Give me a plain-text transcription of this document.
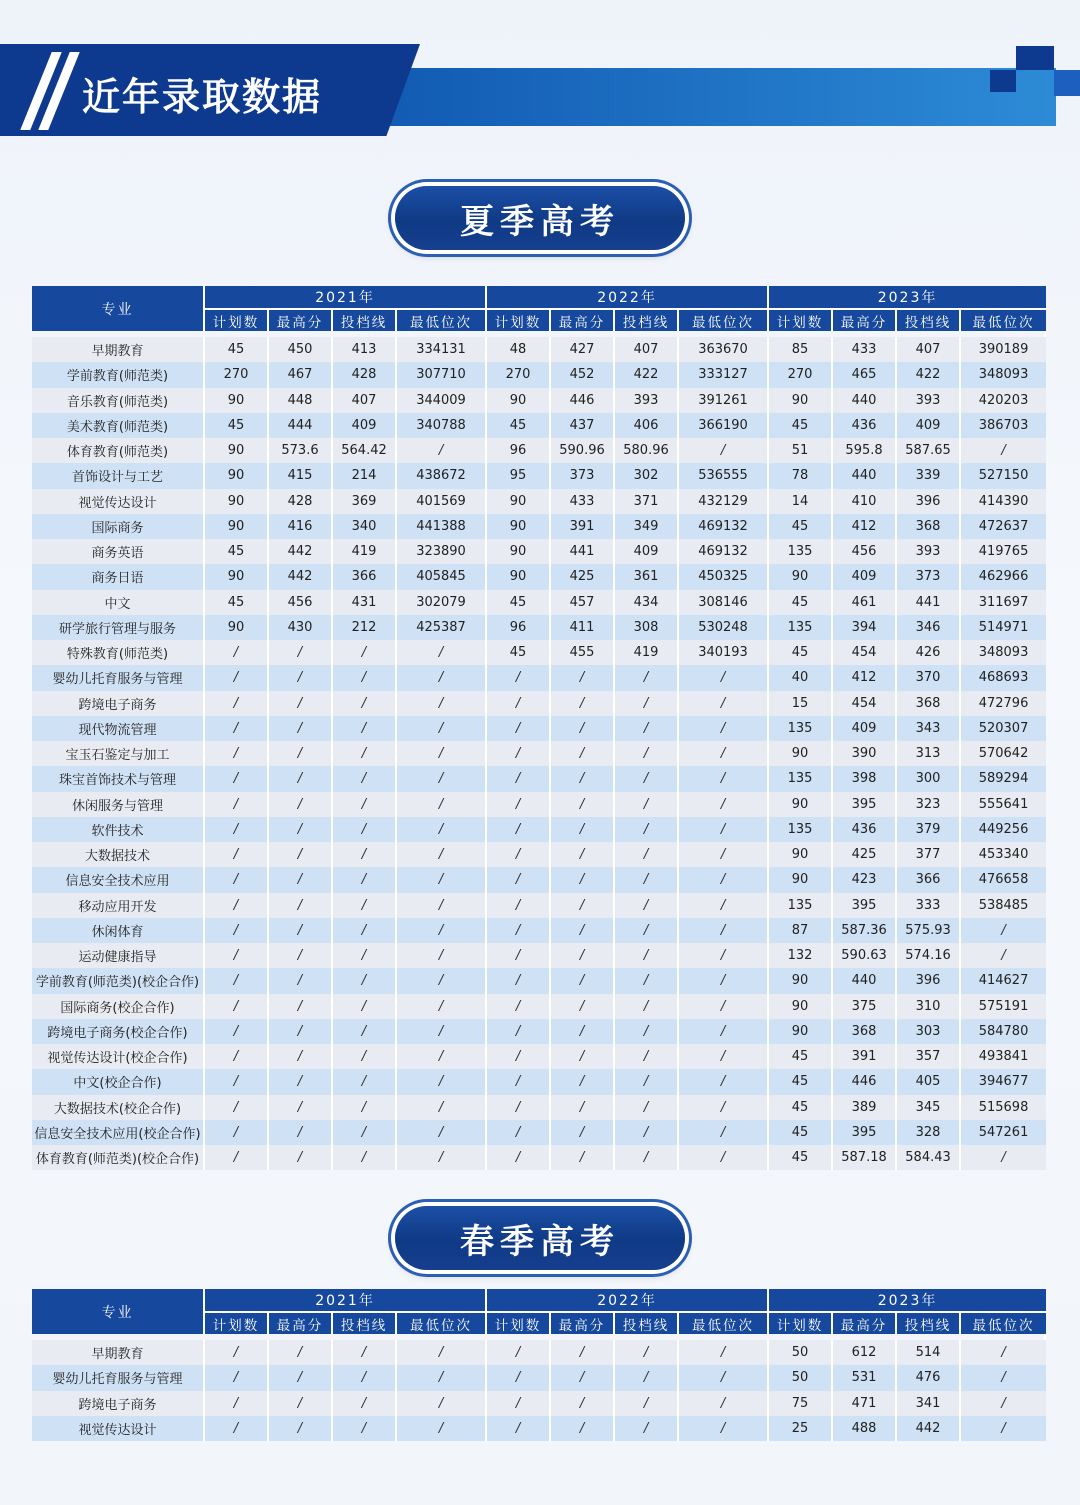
近年录取数据
夏季高考
专业	2021年				2022年				2023年			
	计划数	最高分	投档线	最低位次	计划数	最高分	投档线	最低位次	计划数	最高分	投档线	最低位次

早期教育	45	450	413	334131	48	427	407	363670	85	433	407	390189
学前教育(师范类)	270	467	428	307710	270	452	422	333127	270	465	422	348093
音乐教育(师范类)	90	448	407	344009	90	446	393	391261	90	440	393	420203
美术教育(师范类)	45	444	409	340788	45	437	406	366190	45	436	409	386703
体育教育(师范类)	90	573.6	564.42	/	96	590.96	580.96	/	51	595.8	587.65	/
首饰设计与工艺	90	415	214	438672	95	373	302	536555	78	440	339	527150
视觉传达设计	90	428	369	401569	90	433	371	432129	14	410	396	414390
国际商务	90	416	340	441388	90	391	349	469132	45	412	368	472637
商务英语	45	442	419	323890	90	441	409	469132	135	456	393	419765
商务日语	90	442	366	405845	90	425	361	450325	90	409	373	462966
中文	45	456	431	302079	45	457	434	308146	45	461	441	311697
研学旅行管理与服务	90	430	212	425387	96	411	308	530248	135	394	346	514971
特殊教育(师范类)	/	/	/	/	45	455	419	340193	45	454	426	348093
婴幼儿托育服务与管理	/	/	/	/	/	/	/	/	40	412	370	468693
跨境电子商务	/	/	/	/	/	/	/	/	15	454	368	472796
现代物流管理	/	/	/	/	/	/	/	/	135	409	343	520307
宝玉石鉴定与加工	/	/	/	/	/	/	/	/	90	390	313	570642
珠宝首饰技术与管理	/	/	/	/	/	/	/	/	135	398	300	589294
休闲服务与管理	/	/	/	/	/	/	/	/	90	395	323	555641
软件技术	/	/	/	/	/	/	/	/	135	436	379	449256
大数据技术	/	/	/	/	/	/	/	/	90	425	377	453340
信息安全技术应用	/	/	/	/	/	/	/	/	90	423	366	476658
移动应用开发	/	/	/	/	/	/	/	/	135	395	333	538485
休闲体育	/	/	/	/	/	/	/	/	87	587.36	575.93	/
运动健康指导	/	/	/	/	/	/	/	/	132	590.63	574.16	/
学前教育(师范类)(校企合作)	/	/	/	/	/	/	/	/	90	440	396	414627
国际商务(校企合作)	/	/	/	/	/	/	/	/	90	375	310	575191
跨境电子商务(校企合作)	/	/	/	/	/	/	/	/	90	368	303	584780
视觉传达设计(校企合作)	/	/	/	/	/	/	/	/	45	391	357	493841
中文(校企合作)	/	/	/	/	/	/	/	/	45	446	405	394677
大数据技术(校企合作)	/	/	/	/	/	/	/	/	45	389	345	515698
信息安全技术应用(校企合作)	/	/	/	/	/	/	/	/	45	395	328	547261
体育教育(师范类)(校企合作)	/	/	/	/	/	/	/	/	45	587.18	584.43	/
春季高考
专业	2021年				2022年				2023年			
	计划数	最高分	投档线	最低位次	计划数	最高分	投档线	最低位次	计划数	最高分	投档线	最低位次

早期教育	/	/	/	/	/	/	/	/	50	612	514	/
婴幼儿托育服务与管理	/	/	/	/	/	/	/	/	50	531	476	/
跨境电子商务	/	/	/	/	/	/	/	/	75	471	341	/
视觉传达设计	/	/	/	/	/	/	/	/	25	488	442	/
